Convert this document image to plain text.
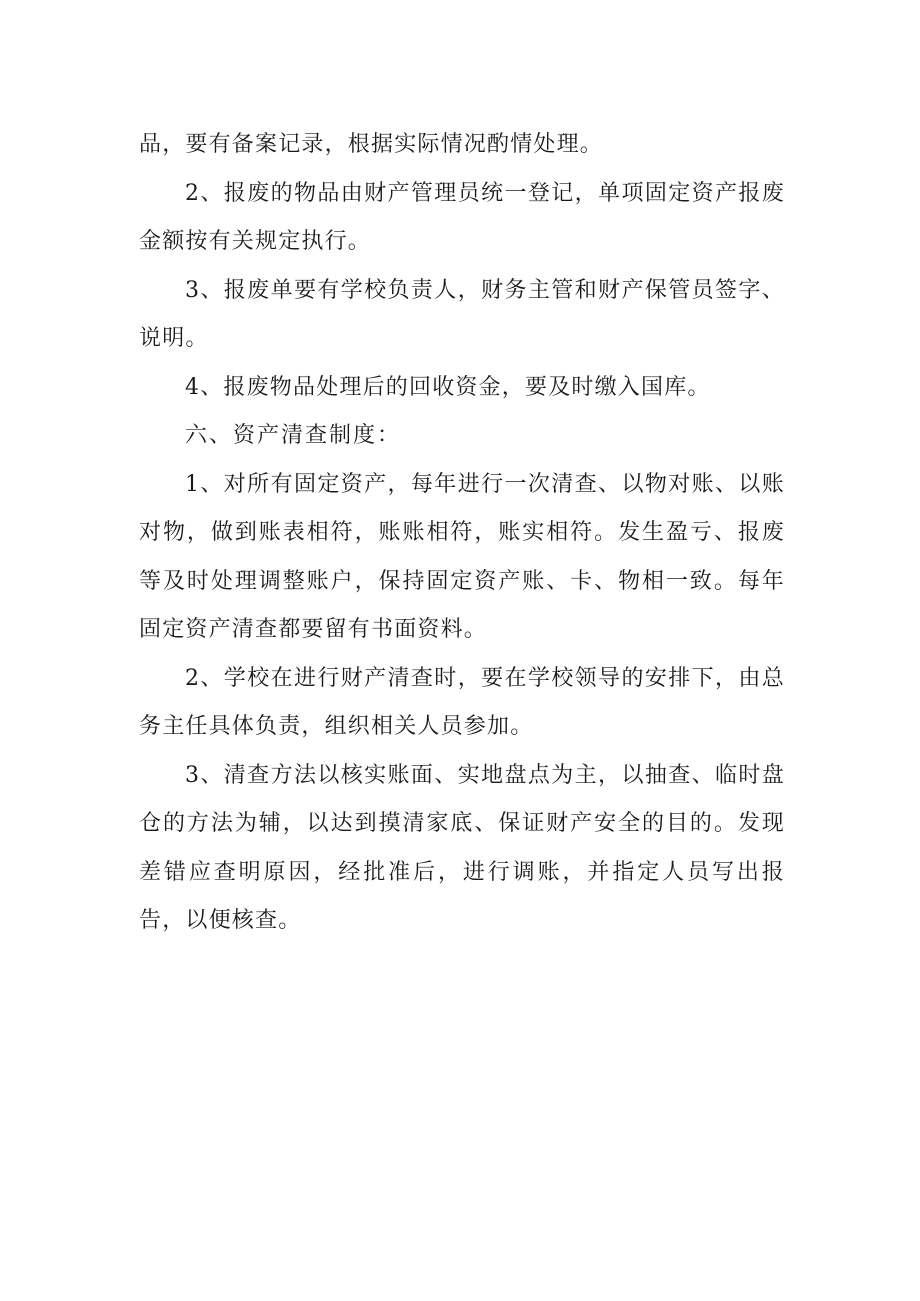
品，要有备案记录，根据实际情况酌情处理。

2、报废的物品由财产管理员统一登记，单项固定资产报废金额按有关规定执行。

3、报废单要有学校负责人，财务主管和财产保管员签字、说明。

4、报废物品处理后的回收资金，要及时缴入国库。

六、资产清查制度：

1、对所有固定资产，每年进行一次清查、以物对账、以账对物，做到账表相符，账账相符，账实相符。发生盈亏、报废等及时处理调整账户，保持固定资产账、卡、物相一致。每年固定资产清查都要留有书面资料。

2、学校在进行财产清查时，要在学校领导的安排下，由总务主任具体负责，组织相关人员参加。

3、清查方法以核实账面、实地盘点为主，以抽查、临时盘仓的方法为辅，以达到摸清家底、保证财产安全的目的。发现差错应查明原因，经批准后，进行调账，并指定人员写出报告，以便核查。
